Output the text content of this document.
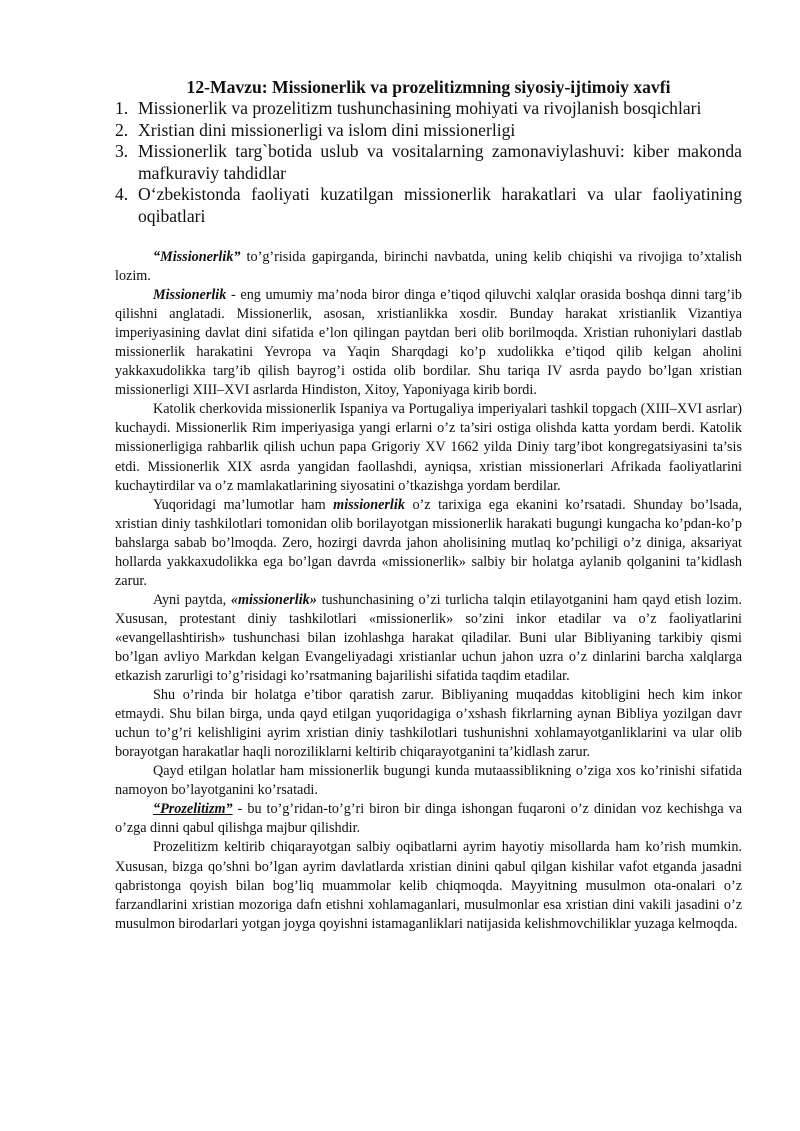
12-Mavzu: Missionerlik va prozelitizmning siyosiy-ijtimoiy xavfi
1. Missionerlik va prozelitizm tushunchasining mohiyati va rivojlanish bosqichlari
2. Xristian dini missionerligi va islom dini missionerligi
3. Missionerlik targ`botida uslub va vositalarning zamonaviylashuvi: kiber makonda mafkuraviy tahdidlar
4. O‘zbekistonda faoliyati kuzatilgan missionerlik harakatlari va ular faoliyatining oqibatlari

“Missionerlik” to’g’risida gapirganda, birinchi navbatda, uning kelib chiqishi va rivojiga to’xtalish lozim.

Missionerlik - eng umumiy ma’noda biror dinga e’tiqod qiluvchi xalqlar orasida boshqa dinni targ’ib qilishni anglatadi. Missionerlik, asosan, xristianlikka xosdir. Bunday harakat xristianlik Vizantiya imperiyasining davlat dini sifatida e’lon qilingan paytdan beri olib borilmoqda. Xristian ruhoniylari dastlab missionerlik harakatini Yevropa va Yaqin Sharqdagi ko’p xudolikka e’tiqod qilib kelgan aholini yakkaxudolikka targ’ib qilish bayrog’i ostida olib bordilar. Shu tariqa IV asrda paydo bo’lgan xristian missionerligi XIII–XVI asrlarda Hindiston, Xitoy, Yaponiyaga kirib bordi.

Katolik cherkovida missionerlik Ispaniya va Portugaliya imperiyalari tashkil topgach (XIII–XVI asrlar) kuchaydi. Missionerlik Rim imperiyasiga yangi erlarni o’z ta’siri ostiga olishda katta yordam berdi. Katolik missionerligiga rahbarlik qilish uchun papa Grigoriy XV 1662 yilda Diniy targ’ibot kongregatsiyasini ta’sis etdi. Missionerlik XIX asrda yangidan faollashdi, ayniqsa, xristian missionerlari Afrikada faoliyatlarini kuchaytirdilar va o’z mamlakatlarining siyosatini o’tkazishga yordam berdilar.

Yuqoridagi ma’lumotlar ham missionerlik o’z tarixiga ega ekanini ko’rsatadi. Shunday bo’lsada, xristian diniy tashkilotlari tomonidan olib borilayotgan missionerlik harakati bugungi kungacha ko’pdan-ko’p bahslarga sabab bo’lmoqda. Zero, hozirgi davrda jahon aholisining mutlaq ko’pchiligi o’z diniga, aksariyat hollarda yakkaxudolikka ega bo’lgan davrda «missionerlik» salbiy bir holatga aylanib qolganini ta’kidlash zarur.

Ayni paytda, «missionerlik» tushunchasining o’zi turlicha talqin etilayotganini ham qayd etish lozim. Xususan, protestant diniy tashkilotlari «missionerlik» so’zini inkor etadilar va o’z faoliyatlarini «evangellashtirish» tushunchasi bilan izohlashga harakat qiladilar. Buni ular Bibliyaning tarkibiy qismi bo’lgan avliyo Markdan kelgan Evangeliyadagi xristianlar uchun jahon uzra o’z dinlarini barcha xalqlarga etkazish zarurligi to’g’risidagi ko’rsatmaning bajarilishi sifatida taqdim etadilar.

Shu o’rinda bir holatga e’tibor qaratish zarur. Bibliyaning muqaddas kitobligini hech kim inkor etmaydi. Shu bilan birga, unda qayd etilgan yuqoridagiga o’xshash fikrlarning aynan Bibliya yozilgan davr uchun to’g’ri kelishligini ayrim xristian diniy tashkilotlari tushunishni xohlamayotganliklarini va ular olib borayotgan harakatlar haqli noroziliklarni keltirib chiqarayotganini ta’kidlash zarur.

Qayd etilgan holatlar ham missionerlik bugungi kunda mutaassiblikning o’ziga xos ko’rinishi sifatida namoyon bo’layotganini ko’rsatadi.

“Prozelitizm” - bu to’g’ridan-to’g’ri biron bir dinga ishongan fuqaroni o’z dinidan voz kechishga va o’zga dinni qabul qilishga majbur qilishdir.

Prozelitizm keltirib chiqarayotgan salbiy oqibatlarni ayrim hayotiy misollarda ham ko’rish mumkin. Xususan, bizga qo’shni bo’lgan ayrim davlatlarda xristian dinini qabul qilgan kishilar vafot etganda jasadni qabristonga qoyish bilan bog’liq muammolar kelib chiqmoqda. Mayyitning musulmon ota-onalari o’z farzandlarini xristian mozoriga dafn etishni xohlamaganlari, musulmonlar esa xristian dini vakili jasadini o’z musulmon birodarlari yotgan joyga qoyishni istamaganliklari natijasida kelishmovchiliklar yuzaga kelmoqda.
